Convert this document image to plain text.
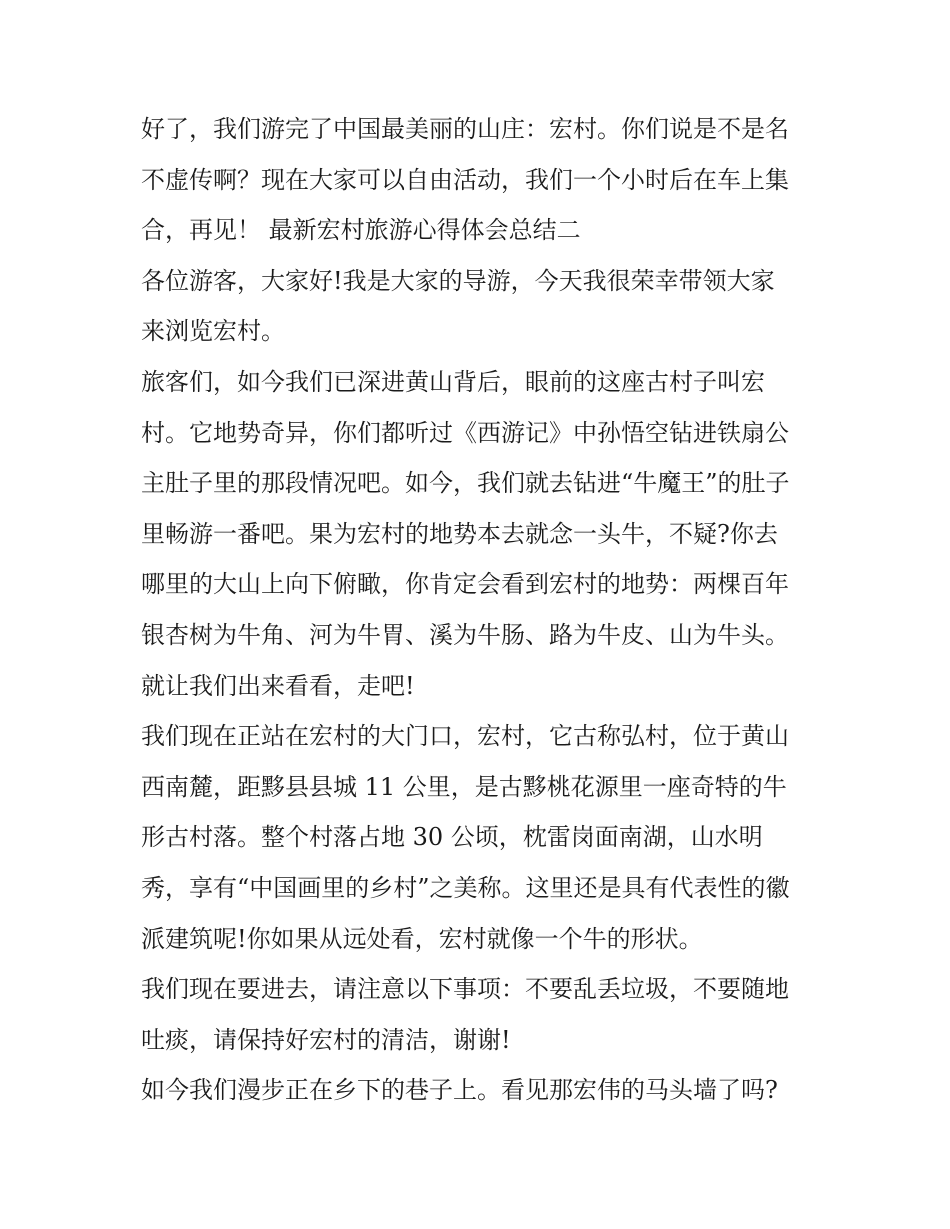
好了，我们游完了中国最美丽的山庄：宏村。你们说是不是名
不虚传啊？现在大家可以自由活动，我们一个小时后在车上集
合，再见！ 最新宏村旅游心得体会总结二
各位游客，大家好!我是大家的导游，今天我很荣幸带领大家
来浏览宏村。
旅客们，如今我们已深进黄山背后，眼前的这座古村子叫宏
村。它地势奇异，你们都听过《西游记》中孙悟空钻进铁扇公
主肚子里的那段情况吧。如今，我们就去钻进“牛魔王”的肚子
里畅游一番吧。果为宏村的地势本去就念一头牛，不疑?你去
哪里的大山上向下俯瞰，你肯定会看到宏村的地势：两棵百年
银杏树为牛角、河为牛胃、溪为牛肠、路为牛皮、山为牛头。
就让我们出来看看，走吧!
我们现在正站在宏村的大门口，宏村，它古称弘村，位于黄山
西南麓，距黟县县城 11 公里，是古黟桃花源里一座奇特的牛
形古村落。整个村落占地 30 公顷，枕雷岗面南湖，山水明
秀，享有“中国画里的乡村”之美称。这里还是具有代表性的徽
派建筑呢!你如果从远处看，宏村就像一个牛的形状。
我们现在要进去，请注意以下事项：不要乱丢垃圾，不要随地
吐痰，请保持好宏村的清洁，谢谢!
如今我们漫步正在乡下的巷子上。看见那宏伟的马头墙了吗?
